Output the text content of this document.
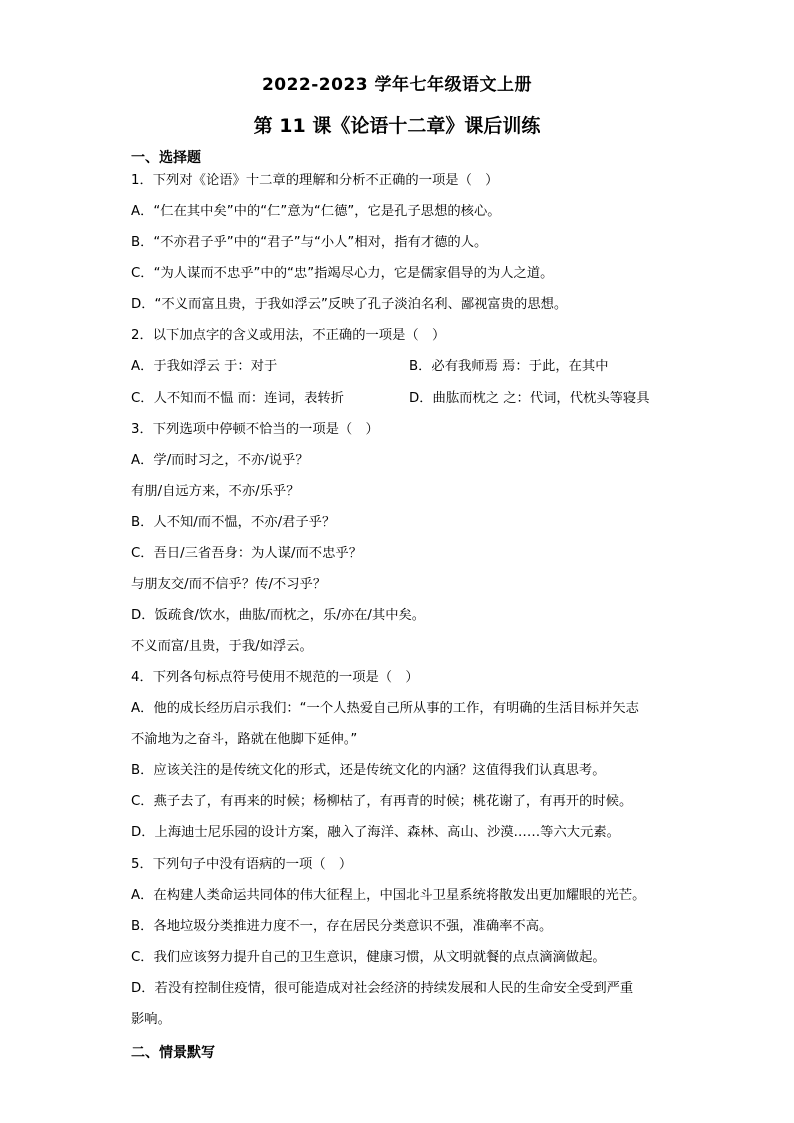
2022-2023 学年七年级语文上册
第 11 课《论语十二章》课后训练
一、选择题
1．下列对《论语》十二章的理解和分析不正确的一项是（　）
A．“仁在其中矣”中的“仁”意为“仁德”，它是孔子思想的核心。
B．“不亦君子乎”中的“君子”与“小人”相对，指有才德的人。
C．“为人谋而不忠乎”中的“忠”指竭尽心力，它是儒家倡导的为人之道。
D．“不义而富且贵，于我如浮云”反映了孔子淡泊名利、鄙视富贵的思想。
2．以下加点字的含义或用法，不正确的一项是（　）
A．于我如浮云 于：对于	B．必有我师焉 焉：于此，在其中
C．人不知而不愠 而：连词，表转折	D．曲肱而枕之 之：代词，代枕头等寝具
3．下列选项中停顿不恰当的一项是（　）
A．学/而时习之，不亦/说乎？
有朋/自远方来，不亦/乐乎？
B．人不知/而不愠，不亦/君子乎？
C．吾日/三省吾身：为人谋/而不忠乎？
与朋友交/而不信乎？传/不习乎？
D．饭疏食/饮水，曲肱/而枕之，乐/亦在/其中矣。
不义而富/且贵，于我/如浮云。
4．下列各句标点符号使用不规范的一项是（　）
A．他的成长经历启示我们：“一个人热爱自己所从事的工作，有明确的生活目标并矢志
不渝地为之奋斗，路就在他脚下延伸。”
B．应该关注的是传统文化的形式，还是传统文化的内涵？这值得我们认真思考。
C．燕子去了，有再来的时候；杨柳枯了，有再青的时候；桃花谢了，有再开的时候。
D．上海迪士尼乐园的设计方案，融入了海洋、森林、高山、沙漠……等六大元素。
5．下列句子中没有语病的一项（　）
A．在构建人类命运共同体的伟大征程上，中国北斗卫星系统将散发出更加耀眼的光芒。
B．各地垃圾分类推进力度不一，存在居民分类意识不强，准确率不高。
C．我们应该努力提升自己的卫生意识，健康习惯，从文明就餐的点点滴滴做起。
D．若没有控制住疫情，很可能造成对社会经济的持续发展和人民的生命安全受到严重
影响。
二、情景默写
